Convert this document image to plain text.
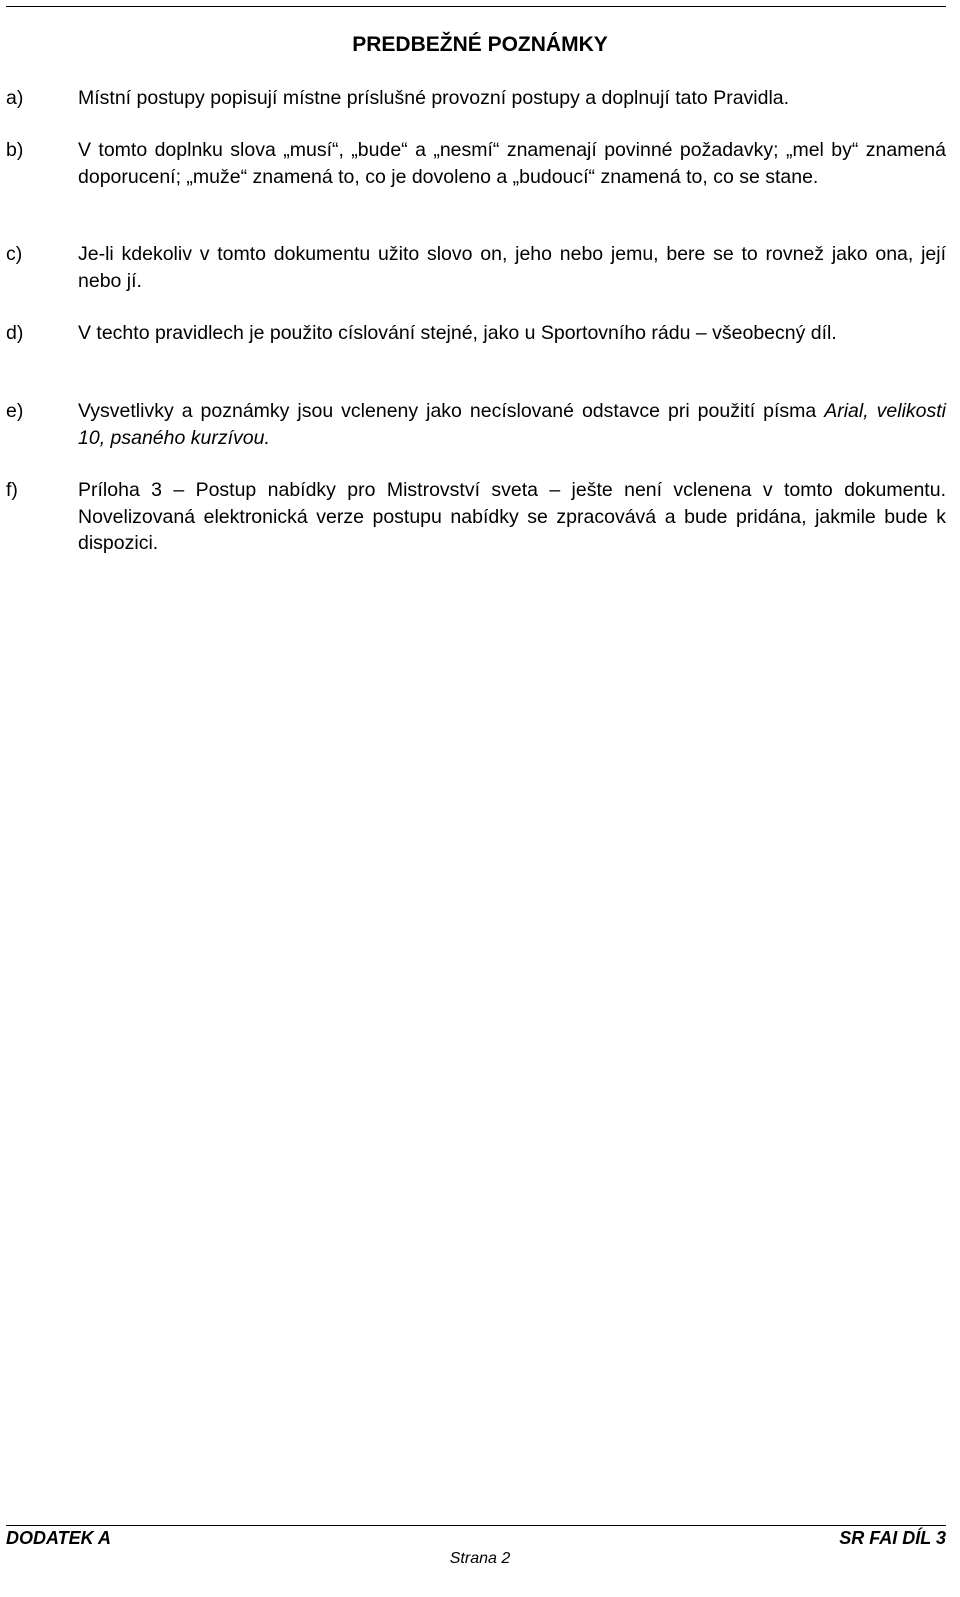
PREDBEŽNÉ POZNÁMKY
a)	Místní postupy popisují místne príslušné provozní postupy a doplnují tato Pravidla.
b)	V tomto doplnku slova „musí“, „bude“ a „nesmí“ znamenají povinné požadavky; „mel by“ znamená doporucení; „muže“ znamená to, co je dovoleno a „budoucí“ znamená to, co se stane.
c)	Je-li kdekoliv v tomto dokumentu užito slovo on, jeho nebo jemu, bere se to rovnež jako ona, její nebo jí.
d)	V techto pravidlech je použito císlování stejné, jako u Sportovního rádu – všeobecný díl.
e)	Vysvetlivky a poznámky jsou vcleneny jako necíslované odstavce pri použití písma Arial, velikosti 10, psaného kurzívou.
f)	Príloha 3 – Postup nabídky pro Mistrovství sveta – ješte není vclenena v tomto dokumentu. Novelizovaná elektronická verze postupu nabídky se zpracovává a bude pridána, jakmile bude k dispozici.
DODATEK A	SR FAI DÍL 3
Strana 2
